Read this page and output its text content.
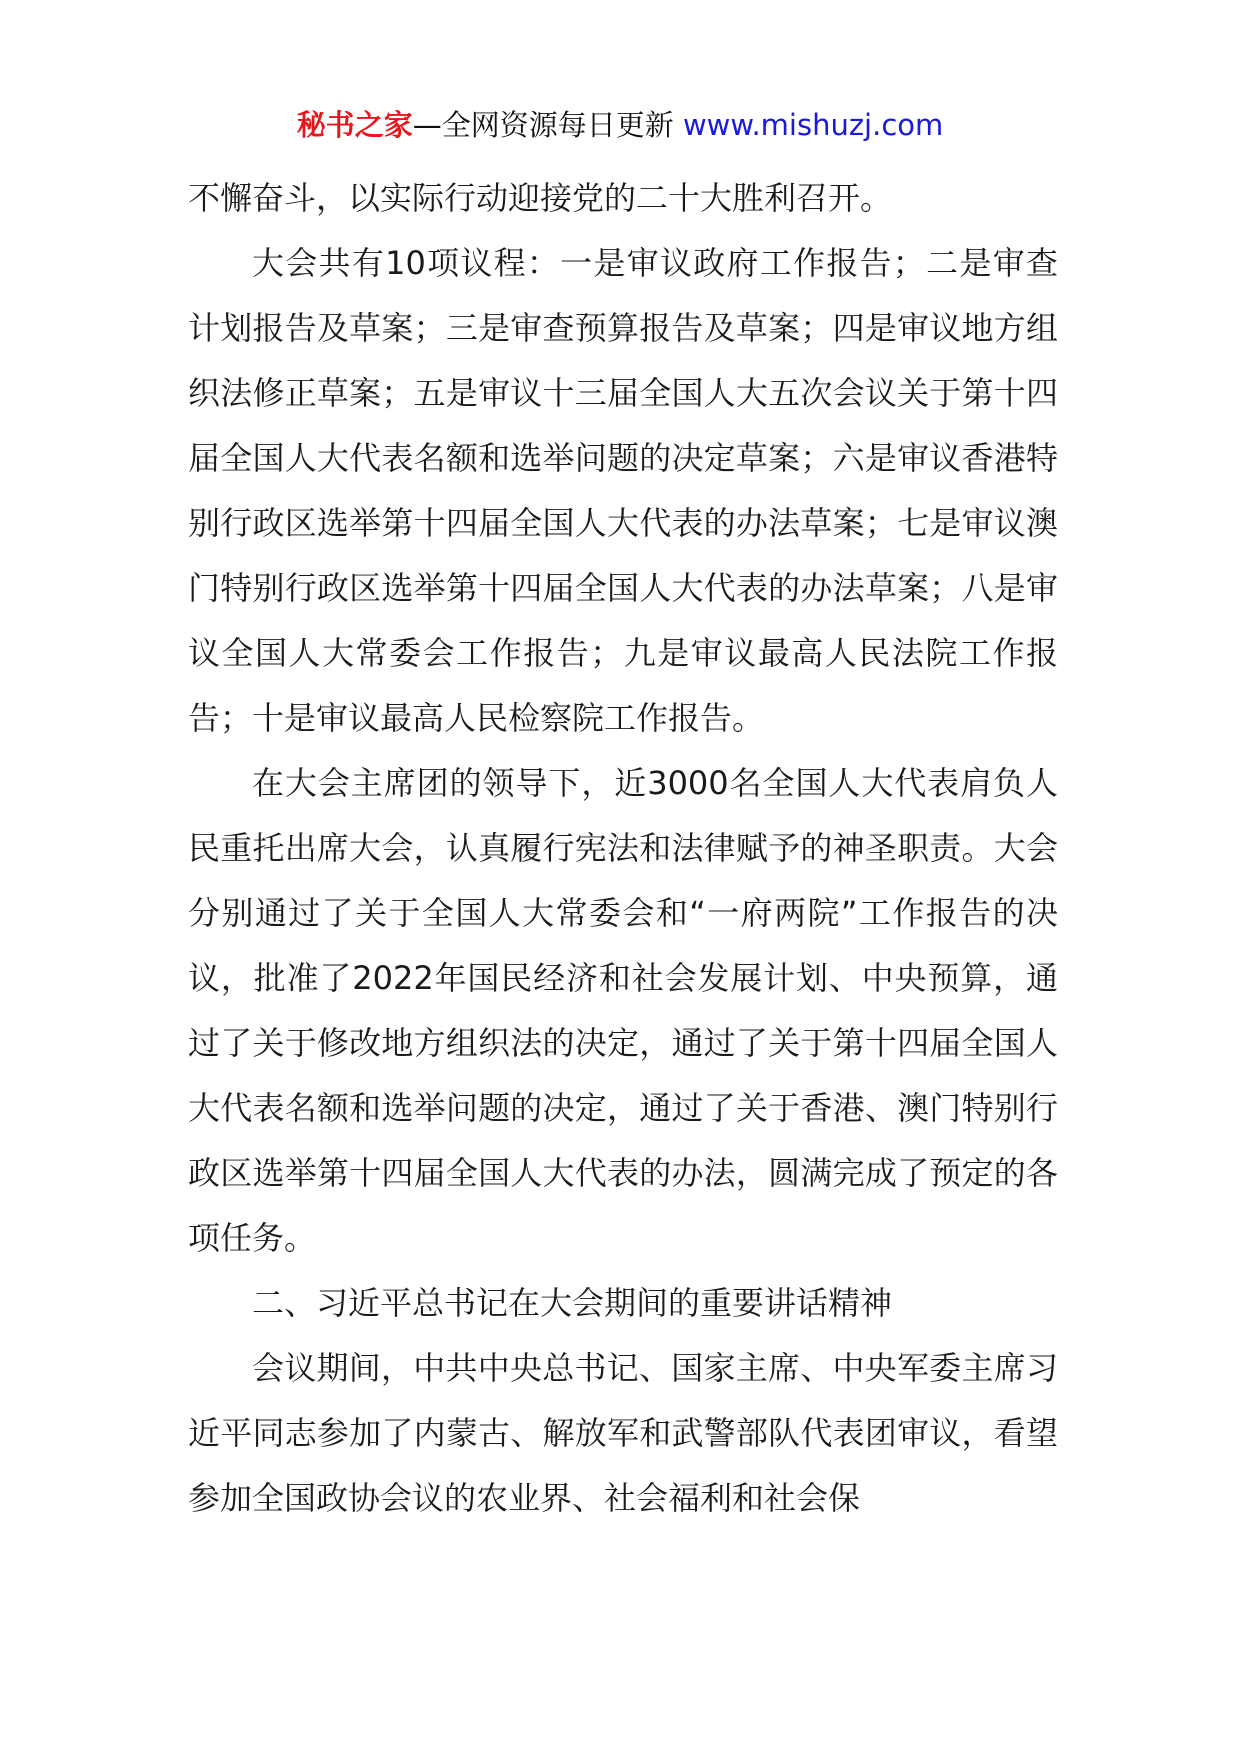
秘书之家—全网资源每日更新 www.mishuzj.com

不懈奋斗，以实际行动迎接党的二十大胜利召开。

大会共有10项议程：一是审议政府工作报告；二是审查计划报告及草案；三是审查预算报告及草案；四是审议地方组织法修正草案；五是审议十三届全国人大五次会议关于第十四届全国人大代表名额和选举问题的决定草案；六是审议香港特别行政区选举第十四届全国人大代表的办法草案；七是审议澳门特别行政区选举第十四届全国人大代表的办法草案；八是审议全国人大常委会工作报告；九是审议最高人民法院工作报告；十是审议最高人民检察院工作报告。

在大会主席团的领导下，近3000名全国人大代表肩负人民重托出席大会，认真履行宪法和法律赋予的神圣职责。大会分别通过了关于全国人大常委会和“一府两院”工作报告的决议，批准了2022年国民经济和社会发展计划、中央预算，通过了关于修改地方组织法的决定，通过了关于第十四届全国人大代表名额和选举问题的决定，通过了关于香港、澳门特别行政区选举第十四届全国人大代表的办法，圆满完成了预定的各项任务。

二、习近平总书记在大会期间的重要讲话精神

会议期间，中共中央总书记、国家主席、中央军委主席习近平同志参加了内蒙古、解放军和武警部队代表团审议，看望参加全国政协会议的农业界、社会福利和社会保
